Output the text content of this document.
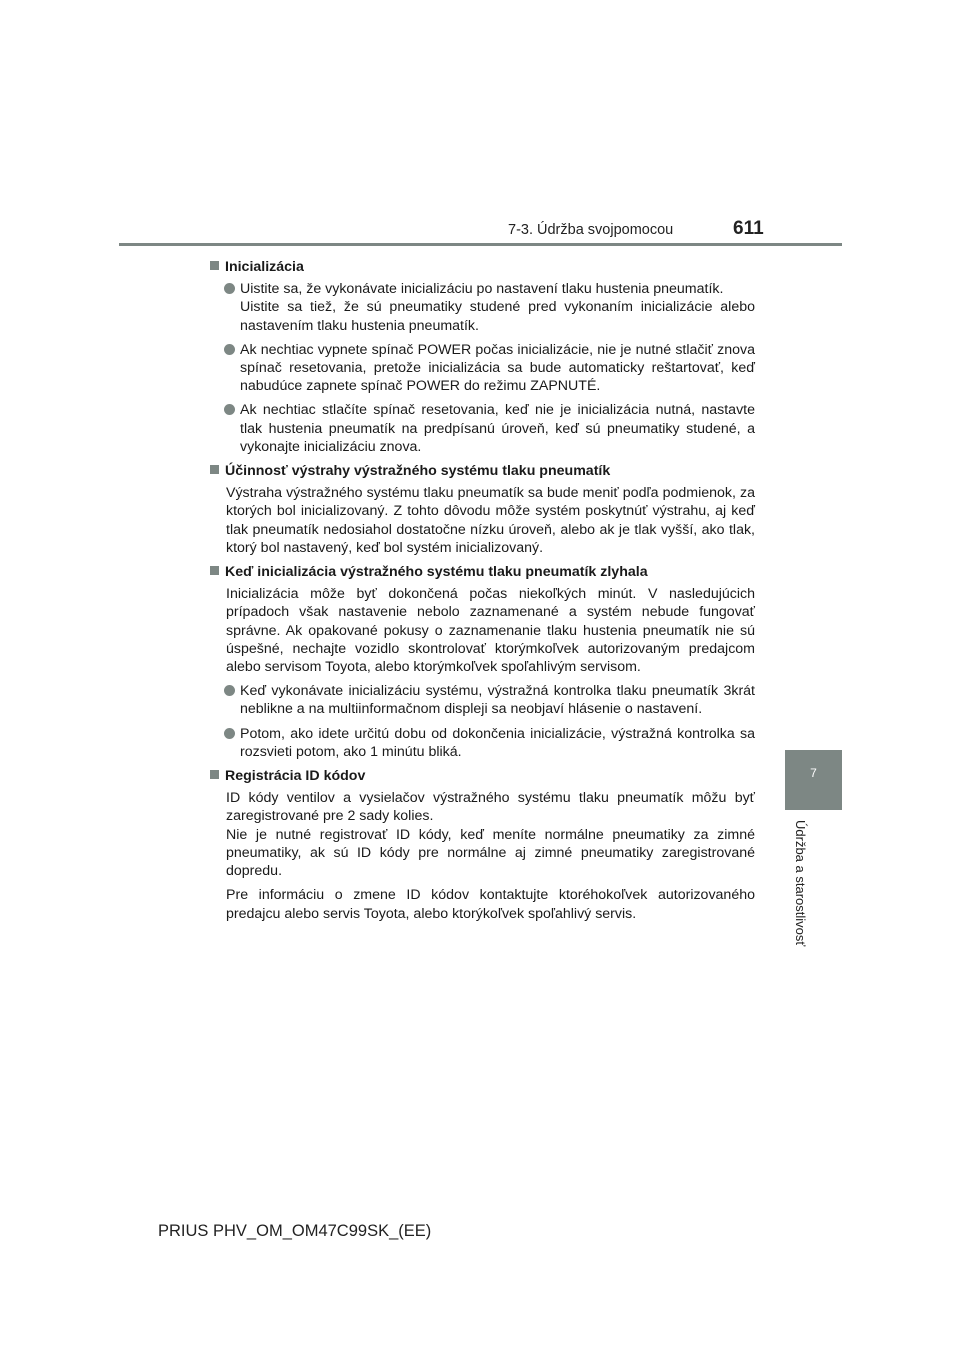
7-3. Údržba svojpomocou	611
7
Údržba a starostlivosť
Inicializácia
Uistite sa, že vykonávate inicializáciu po nastavení tlaku hustenia pneumatík.
Uistite sa tiež, že sú pneumatiky studené pred vykonaním inicializácie alebo nastavením tlaku hustenia pneumatík.
Ak nechtiac vypnete spínač POWER počas inicializácie, nie je nutné stlačiť znova spínač resetovania, pretože inicializácia sa bude automaticky reštartovať, keď nabudúce zapnete spínač POWER do režimu ZAPNUTÉ.
Ak nechtiac stlačíte spínač resetovania, keď nie je inicializácia nutná, nastavte tlak hustenia pneumatík na predpísanú úroveň, keď sú pneumatiky studené, a vykonajte inicializáciu znova.
Účinnosť výstrahy výstražného systému tlaku pneumatík
Výstraha výstražného systému tlaku pneumatík sa bude meniť podľa podmienok, za ktorých bol inicializovaný. Z tohto dôvodu môže systém poskytnúť výstrahu, aj keď tlak pneumatík nedosiahol dostatočne nízku úroveň, alebo ak je tlak vyšší, ako tlak, ktorý bol nastavený, keď bol systém inicializovaný.
Keď inicializácia výstražného systému tlaku pneumatík zlyhala
Inicializácia môže byť dokončená počas niekoľkých minút. V nasledujúcich prípadoch však nastavenie nebolo zaznamenané a systém nebude fungovať správne. Ak opakované pokusy o zaznamenanie tlaku hustenia pneumatík nie sú úspešné, nechajte vozidlo skontrolovať ktorýmkoľvek autorizovaným predajcom alebo servisom Toyota, alebo ktorýmkoľvek spoľahlivým servisom.
Keď vykonávate inicializáciu systému, výstražná kontrolka tlaku pneumatík 3krát neblikne a na multiinformačnom displeji sa neobjaví hlásenie o nastavení.
Potom, ako idete určitú dobu od dokončenia inicializácie, výstražná kontrolka sa rozsvieti potom, ako 1 minútu bliká.
Registrácia ID kódov
ID kódy ventilov a vysielačov výstražného systému tlaku pneumatík môžu byť zaregistrované pre 2 sady kolies.
Nie je nutné registrovať ID kódy, keď meníte normálne pneumatiky za zimné pneumatiky, ak sú ID kódy pre normálne aj zimné pneumatiky zaregistrované dopredu.
Pre informáciu o zmene ID kódov kontaktujte ktoréhokoľvek autorizovaného predajcu alebo servis Toyota, alebo ktorýkoľvek spoľahlivý servis.
PRIUS PHV_OM_OM47C99SK_(EE)
